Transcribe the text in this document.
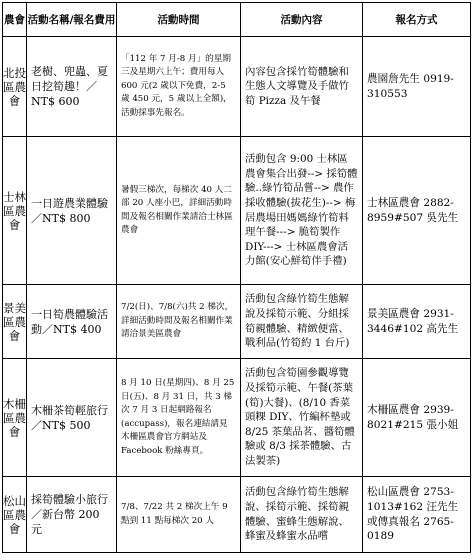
農會	活動名稱/報名費用	活動時間	活動內容	報名方式
北投區農會	老樹、兜蟲、夏日挖筍趣！／NT$ 600	「112 年 7 月-8 月」的星期三及星期六上午；費用每人 600 元(2 歲以下免費，2-5 歲 450 元，5 歲以上全額)，活動採事先報名。	內容包含採竹筍體驗和生態人文導覽及手做竹筍 Pizza 及午餐	農園詹先生 0919-310553
士林區農會	一日遊農業體驗／NT$ 800	暑假三梯次，每梯次 40 人二部 20 人座小巴，詳細活動時間及報名相關作業請洽士林區農會	活動包含 9:00 士林區農會集合出發--> 採筍體驗..綠竹筍品嘗--> 農作採收體驗(拔花生)--> 梅居農場田媽媽綠竹筍料理午餐---> 脆筍製作 DIY---> 士林區農會活力館(安心鮮筍伴手禮)	士林區農會 2882-8959#507 吳先生
景美區農會	一日筍農體驗活動／NT$ 400	7/2(日)、7/8(六)共 2 梯次，詳細活動時間及報名相關作業請洽景美區農會	活動包含綠竹筍生態解說及採筍示範、分組採筍親體驗、精緻便當、戰利品(竹筍約 1 台斤)	景美區農會 2931-3446#102 高先生
木柵區農會	木柵茶筍輕旅行／NT$ 500	8 月 10 日(星期四)、8 月 25 日(五)、8 月 31 日，共 3 梯次 7 月 3 日起網路報名(accupass)，報名連結請見木柵區農會官方網站及 Facebook 粉絲專頁。	活動包含筍園參觀導覽及採筍示範、午餐(茶葉(筍)大餐)、(8/10 香菜頭粿 DIY、竹編杯墊或 8/25 茶葉品茗、醬筍體驗或 8/3 採茶體驗、古法製茶)	木柵區農會 2939-8021#215 張小姐
松山區農會	採筍體驗小旅行／新台幣 200 元	7/8、7/22 共 2 梯次上午 9 點到 11 點每梯次 20 人	活動包含綠竹筍生態解說、採筍示範、採筍親體驗、蜜蜂生態解說、蜂蜜及蜂蜜水品嚐	松山區農會 2753-1013#162 汪先生或傳真報名 2765-0189
